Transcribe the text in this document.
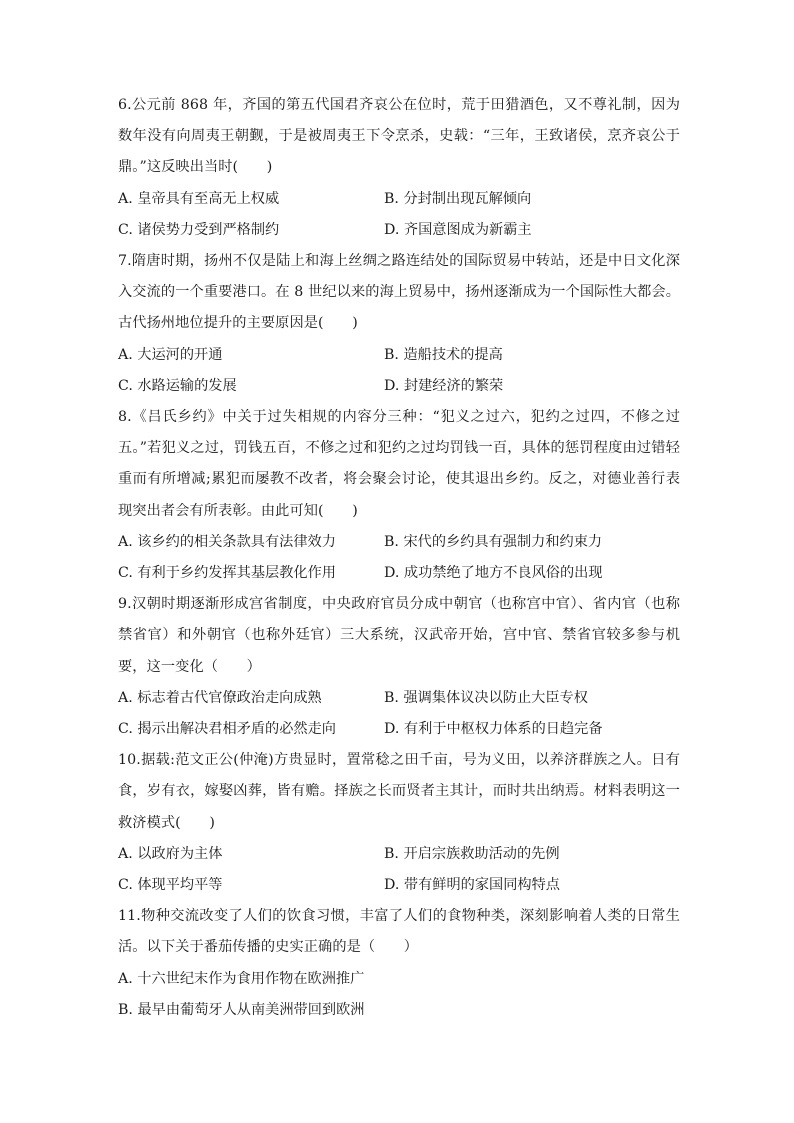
6.公元前 868 年，齐国的第五代国君齐哀公在位时，荒于田猎酒色，又不尊礼制，因为数年没有向周夷王朝觐，于是被周夷王下令烹杀，史载：“三年，王致诸侯，烹齐哀公于鼎。”这反映出当时(　　)

A. 皇帝具有至高无上权威	B. 分封制出现瓦解倾向
C. 诸侯势力受到严格制约	D. 齐国意图成为新霸主

7.隋唐时期，扬州不仅是陆上和海上丝绸之路连结处的国际贸易中转站，还是中日文化深入交流的一个重要港口。在 8 世纪以来的海上贸易中，扬州逐渐成为一个国际性大都会。古代扬州地位提升的主要原因是(　　)

A. 大运河的开通	B. 造船技术的提高
C. 水路运输的发展	D. 封建经济的繁荣

8.《吕氏乡约》中关于过失相规的内容分三种：“犯义之过六，犯约之过四，不修之过五。”若犯义之过，罚钱五百，不修之过和犯约之过均罚钱一百，具体的惩罚程度由过错轻重而有所增减;累犯而屡教不改者，将会聚会讨论，使其退出乡约。反之，对德业善行表现突出者会有所表彰。由此可知(　　)

A. 该乡约的相关条款具有法律效力	B. 宋代的乡约具有强制力和约束力
C. 有利于乡约发挥其基层教化作用	D. 成功禁绝了地方不良风俗的出现

9.汉朝时期逐渐形成宫省制度，中央政府官员分成中朝官（也称宫中官）、省内官（也称禁省官）和外朝官（也称外廷官）三大系统，汉武帝开始，宫中官、禁省官较多参与机要，这一变化（　　）

A. 标志着古代官僚政治走向成熟	B. 强调集体议决以防止大臣专权
C. 揭示出解决君相矛盾的必然走向	D. 有利于中枢权力体系的日趋完备

10.据载:范文正公(仲淹)方贵显时，置常稔之田千亩，号为义田，以养济群族之人。日有食，岁有衣，嫁娶凶葬，皆有赡。择族之长而贤者主其计，而时共出纳焉。材料表明这一救济模式(　　)

A. 以政府为主体	B. 开启宗族救助活动的先例
C. 体现平均平等	D. 带有鲜明的家国同构特点

11.物种交流改变了人们的饮食习惯，丰富了人们的食物种类，深刻影响着人类的日常生活。以下关于番茄传播的史实正确的是（　　）

A. 十六世纪末作为食用作物在欧洲推广
B. 最早由葡萄牙人从南美洲带回到欧洲
